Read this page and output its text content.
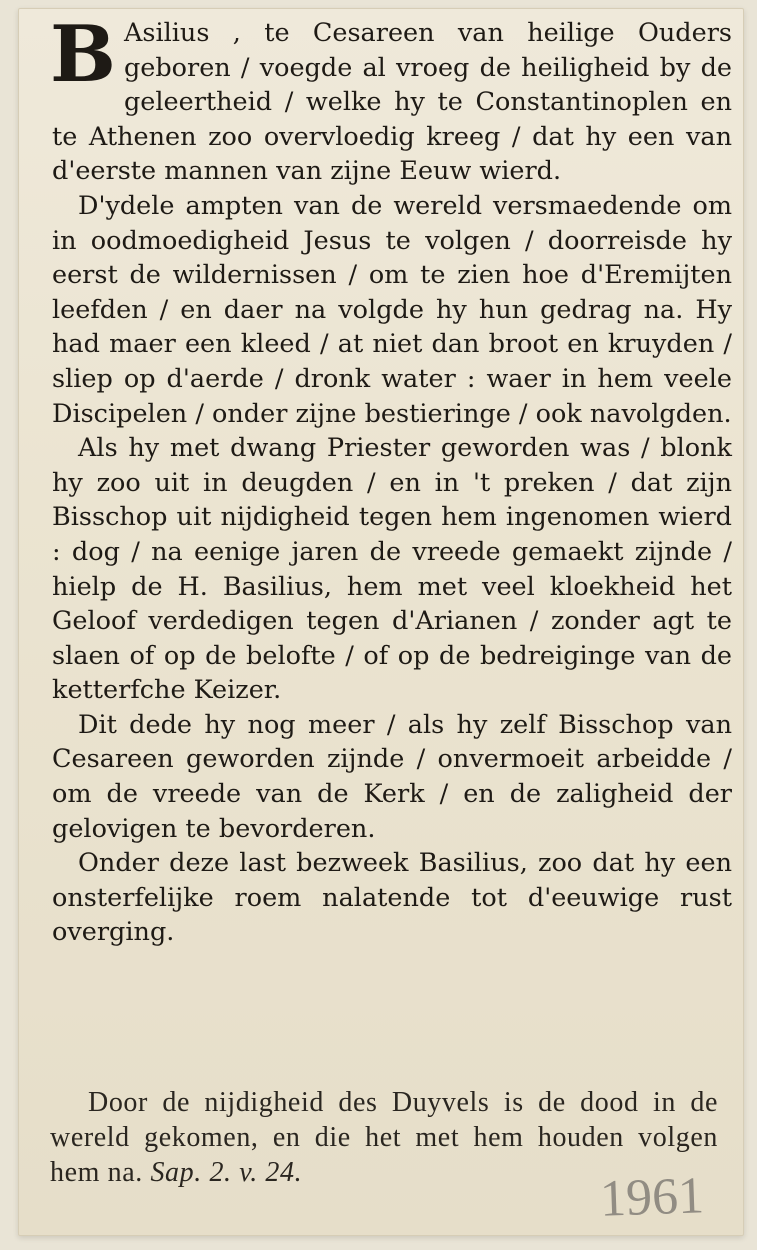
B Asilius , te Cesareen van heilige Ouders geboren / voegde al vroeg de heiligheid by de geleertheid / welke hy te Constantinoplen en te Athenen zoo overvloedig kreeg / dat hy een van d'eerste mannen van zijne Eeuw wierd.

D'ydele ampten van de wereld versmaedende om in oodmoedigheid Jesus te volgen / doorreisde hy eerst de wildernissen / om te zien hoe d'Eremijten leefden / en daer na volgde hy hun gedrag na. Hy had maer een kleed / at niet dan broot en kruyden / sliep op d'aerde / dronk water : waer in hem veele Discipelen / onder zijne bestieringe / ook navolgden.

Als hy met dwang Priester geworden was / blonk hy zoo uit in deugden / en in 't preken / dat zijn Bisschop uit nijdigheid tegen hem ingenomen wierd : dog / na eenige jaren de vreede gemaekt zijnde / hielp de H. Basilius, hem met veel kloekheid het Geloof verdedigen tegen d'Arianen / zonder agt te slaen of op de belofte / of op de bedreiginge van de ketterfche Keizer.

Dit dede hy nog meer / als hy zelf Bisschop van Cesareen geworden zijnde / onvermoeit arbeidde / om de vreede van de Kerk / en de zaligheid der gelovigen te bevorderen.

Onder deze last bezweek Basilius, zoo dat hy een onsterfelijke roem nalatende tot d'eeuwige rust overging.

Door de nijdigheid des Duyvels is de dood in de wereld gekomen, en die het met hem houden volgen hem na. Sap. 2. v. 24.	1961
